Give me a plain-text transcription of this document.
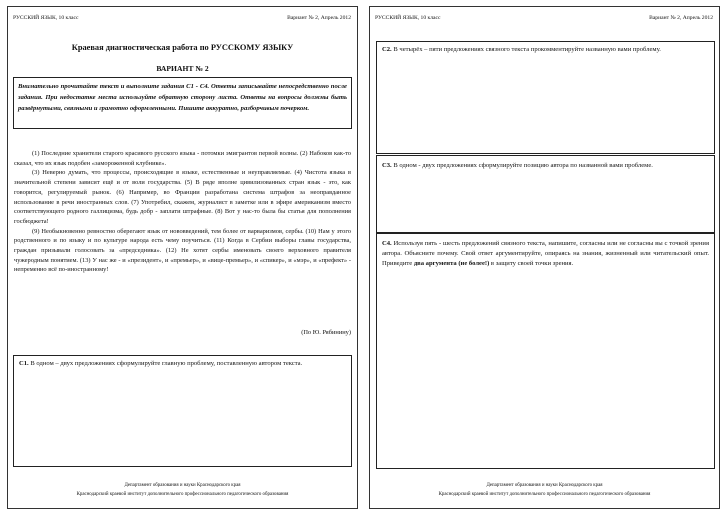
РУССКИЙ ЯЗЫК, 10 класс	Вариант № 2, Апрель 2012
Краевая диагностическая работа по РУССКОМУ ЯЗЫКУ
ВАРИАНТ № 2
Внимательно прочитайте текст и выполните задания С1 - С4. Ответы записывайте непосредственно после задания. При недостатке места используйте обратную сторону листа. Ответы на вопросы должны быть развёрнутыми, связными и грамотно оформленными. Пишите аккуратно, разборчивым почерком.

(1) Последние хранители старого красивого русского языка - потомки эмигрантов первой волны. (2) Набоков как-то сказал, что их язык подобен «замороженной клубнике».

(3) Неверно думать, что процессы, происходящие в языке, естественные и неуправляемые. (4) Чистота языка в значительной степени зависит ещё и от воли государства. (5) В ряде вполне цивилизованных стран язык - это, как говорится, регулируемый рынок. (6) Например, во Франции разработана система штрафов за неоправданное использование в речи иностранных слов. (7) Употребил, скажем, журналист в заметке или в эфире американизм вместо соответствующего родного галлицизма, будь добр - заплати штрафные. (8) Вот у нас-то была бы статья для пополнения госбюджета!

(9) Необыкновенно ревностно оберегают язык от нововведений, тем более от варваризмов, сербы. (10) Нам у этого родственного и по языку и по культуре народа есть чему поучиться. (11) Когда в Сербии выборы главы государства, граждан призывали голосовать за «председника». (12) Не хотят сербы именовать своего верховного правителя чужеродным понятием. (13) У нас же - и «президент», и «премьер», и «вице-премьер», и «спикер», и «мэр», и «префект» - непременно всё по-иностранному!

(По Ю. Рябинину)
С1. В одном – двух предложениях сформулируйте главную проблему, поставленную автором текста.
Департамент образования и науки Краснодарского края
Краснодарский краевой институт дополнительного профессионального педагогического образования
РУССКИЙ ЯЗЫК, 10 класс	Вариант № 2, Апрель 2012
С2. В четырёх – пяти предложениях связного текста прокомментируйте названную вами проблему.
С3. В одном - двух предложениях сформулируйте позицию автора по названной вами проблеме.
С4. Используя пять - шесть предложений связного текста, напишите, согласны или не согласны вы с точкой зрения автора. Объясните почему. Свой ответ аргументируйте, опираясь на знания, жизненный или читательский опыт. Приведите два аргумента (не более!) в защиту своей точки зрения.
Департамент образования и науки Краснодарского края
Краснодарский краевой институт дополнительного профессионального педагогического образования
